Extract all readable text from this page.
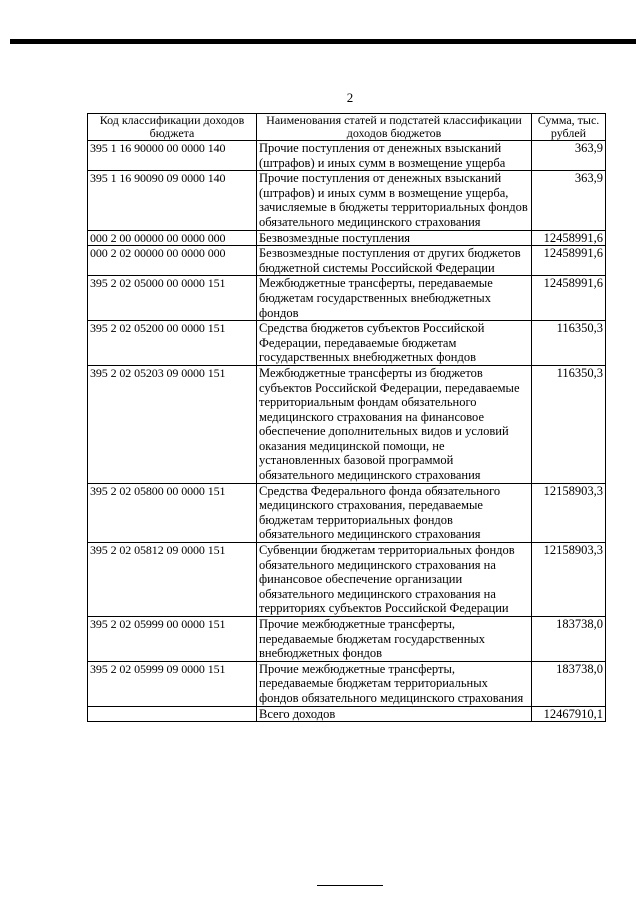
2
Код классификации доходов бюджета	Наименования статей и подстатей классификации доходов бюджетов	Сумма, тыс. рублей
395 1 16 90000 00 0000 140	Прочие поступления от денежных взысканий (штрафов) и иных сумм в возмещение ущерба	363,9
395 1 16 90090 09 0000 140	Прочие поступления от денежных взысканий (штрафов) и иных сумм в возмещение ущерба, зачисляемые в бюджеты территориальных фондов обязательного медицинского страхования	363,9
000 2 00 00000 00 0000 000	Безвозмездные поступления	12458991,6
000 2 02 00000 00 0000 000	Безвозмездные поступления от других бюджетов бюджетной системы Российской Федерации	12458991,6
395 2 02 05000 00 0000 151	Межбюджетные трансферты, передаваемые бюджетам государственных внебюджетных фондов	12458991,6
395 2 02 05200 00 0000 151	Средства бюджетов субъектов Российской Федерации, передаваемые бюджетам государственных внебюджетных фондов	116350,3
395 2 02 05203 09 0000 151	Межбюджетные трансферты из бюджетов субъектов Российской Федерации, передаваемые территориальным фондам обязательного медицинского страхования на финансовое обеспечение дополнительных видов и условий оказания медицинской помощи, не установленных базовой программой обязательного медицинского страхования	116350,3
395 2 02 05800 00 0000 151	Средства Федерального фонда обязательного медицинского страхования, передаваемые бюджетам территориальных фондов обязательного медицинского страхования	12158903,3
395 2 02 05812 09 0000 151	Субвенции бюджетам территориальных фондов обязательного медицинского страхования на финансовое обеспечение организации обязательного медицинского страхования на территориях субъектов Российской Федерации	12158903,3
395 2 02 05999 00 0000 151	Прочие межбюджетные трансферты, передаваемые бюджетам государственных внебюджетных фондов	183738,0
395 2 02 05999 09 0000 151	Прочие межбюджетные трансферты, передаваемые бюджетам территориальных фондов обязательного медицинского страхования	183738,0
	Всего доходов	12467910,1
